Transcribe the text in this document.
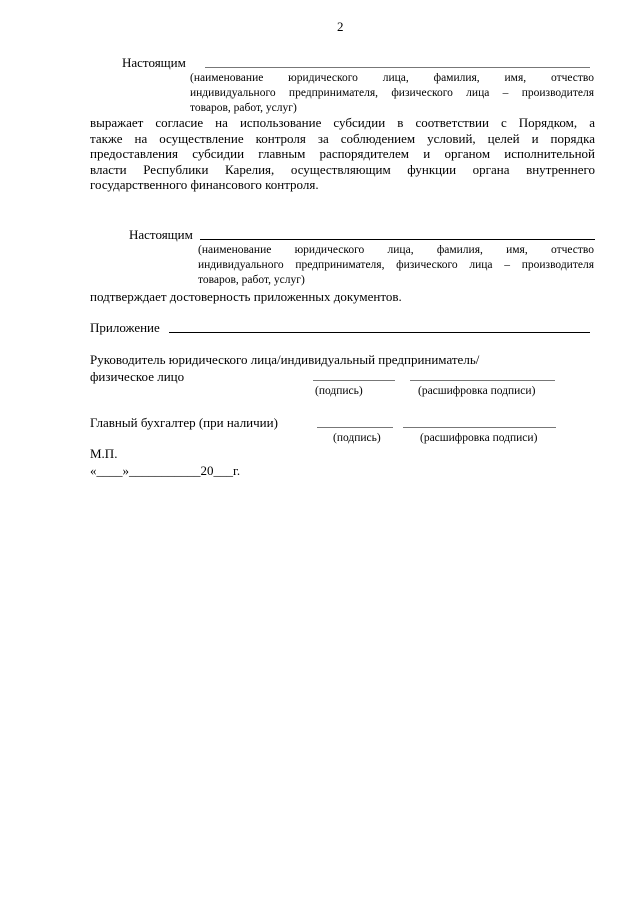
2
Настоящим
(наименование юридического лица, фамилия, имя, отчество
индивидуального предпринимателя, физического лица – производителя
товаров, работ, услуг)

выражает согласие на использование субсидии в соответствии с Порядком, а

также на осуществление контроля за соблюдением условий, целей и порядка

предоставления субсидии главным распорядителем и органом исполнительной

власти Республики Карелия, осуществляющим функции органа внутреннего

государственного финансового контроля.

Настоящим
(наименование юридического лица, фамилия, имя, отчество
индивидуального предпринимателя, физического лица – производителя
товаров, работ, услуг)
подтверждает достоверность приложенных документов.
Приложение
Руководитель юридического лица/индивидуальный предприниматель/
физическое лицо
(подпись)	(расшифровка подписи)
Главный бухгалтер (при наличии)
(подпись)	(расшифровка подписи)
М.П.
«____»___________20___г.
